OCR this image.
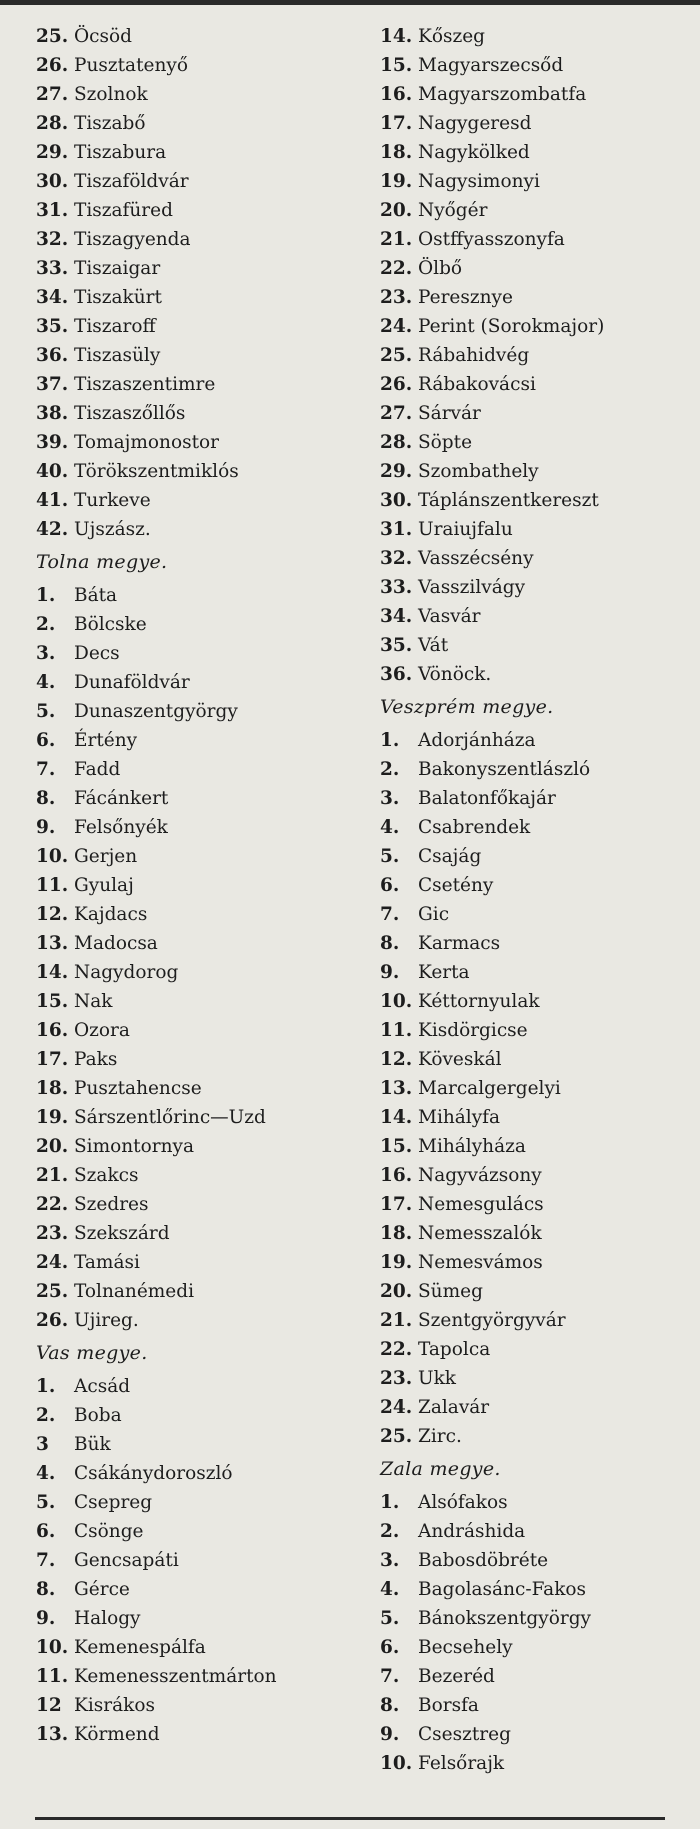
25. Öcsöd
26. Pusztatenyő
27. Szolnok
28. Tiszabő
29. Tiszabura
30. Tiszaföldvár
31. Tiszafüred
32. Tiszagyenda
33. Tiszaigar
34. Tiszakürt
35. Tiszaroff
36. Tiszasüly
37. Tiszaszentimre
38. Tiszaszőllős
39. Tomajmonostor
40. Törökszentmiklós
41. Turkeve
42. Ujszász.
Tolna megye.
1. Báta
2. Bölcske
3. Decs
4. Dunaföldvár
5. Dunaszentgyörgy
6. Értény
7. Fadd
8. Fácánkert
9. Felsőnyék
10. Gerjen
11. Gyulaj
12. Kajdacs
13. Madocsa
14. Nagydorog
15. Nak
16. Ozora
17. Paks
18. Pusztahencse
19. Sárszentlőrinc—Uzd
20. Simontornya
21. Szakcs
22. Szedres
23. Szekszárd
24. Tamási
25. Tolnanémedi
26. Ujireg.
Vas megye.
1. Acsád
2. Boba
3 Bük
4. Csákánydoroszló
5. Csepreg
6. Csönge
7. Gencsapáti
8. Gérce
9. Halogy
10. Kemenespálfa
11. Kemenesszentmárton
12 Kisrákos
13. Körmend
14. Kőszeg
15. Magyarszecsőd
16. Magyarszombatfa
17. Nagygeresd
18. Nagykölked
19. Nagysimonyi
20. Nyőgér
21. Ostffyasszonyfa
22. Ölbő
23. Peresznye
24. Perint (Sorokmajor)
25. Rábahidvég
26. Rábakovácsi
27. Sárvár
28. Söpte
29. Szombathely
30. Táplánszentkereszt
31. Uraiujfalu
32. Vasszécsény
33. Vasszilvágy
34. Vasvár
35. Vát
36. Vönöck.
Veszprém megye.
1. Adorjánháza
2. Bakonyszentlászló
3. Balatonfőkajár
4. Csabrendek
5. Csajág
6. Csetény
7. Gic
8. Karmacs
9. Kerta
10. Kéttornyulak
11. Kisdörgicse
12. Köveskál
13. Marcalgergelyi
14. Mihályfa
15. Mihályháza
16. Nagyvázsony
17. Nemesgulács
18. Nemesszalók
19. Nemesvámos
20. Sümeg
21. Szentgyörgyvár
22. Tapolca
23. Ukk
24. Zalavár
25. Zirc.
Zala megye.
1. Alsófakos
2. Andráshida
3. Babosdöbréte
4. Bagolasánc-Fakos
5. Bánokszentgyörgy
6. Becsehely
7. Bezeréd
8. Borsfa
9. Csesztreg
10. Felsőrajk
